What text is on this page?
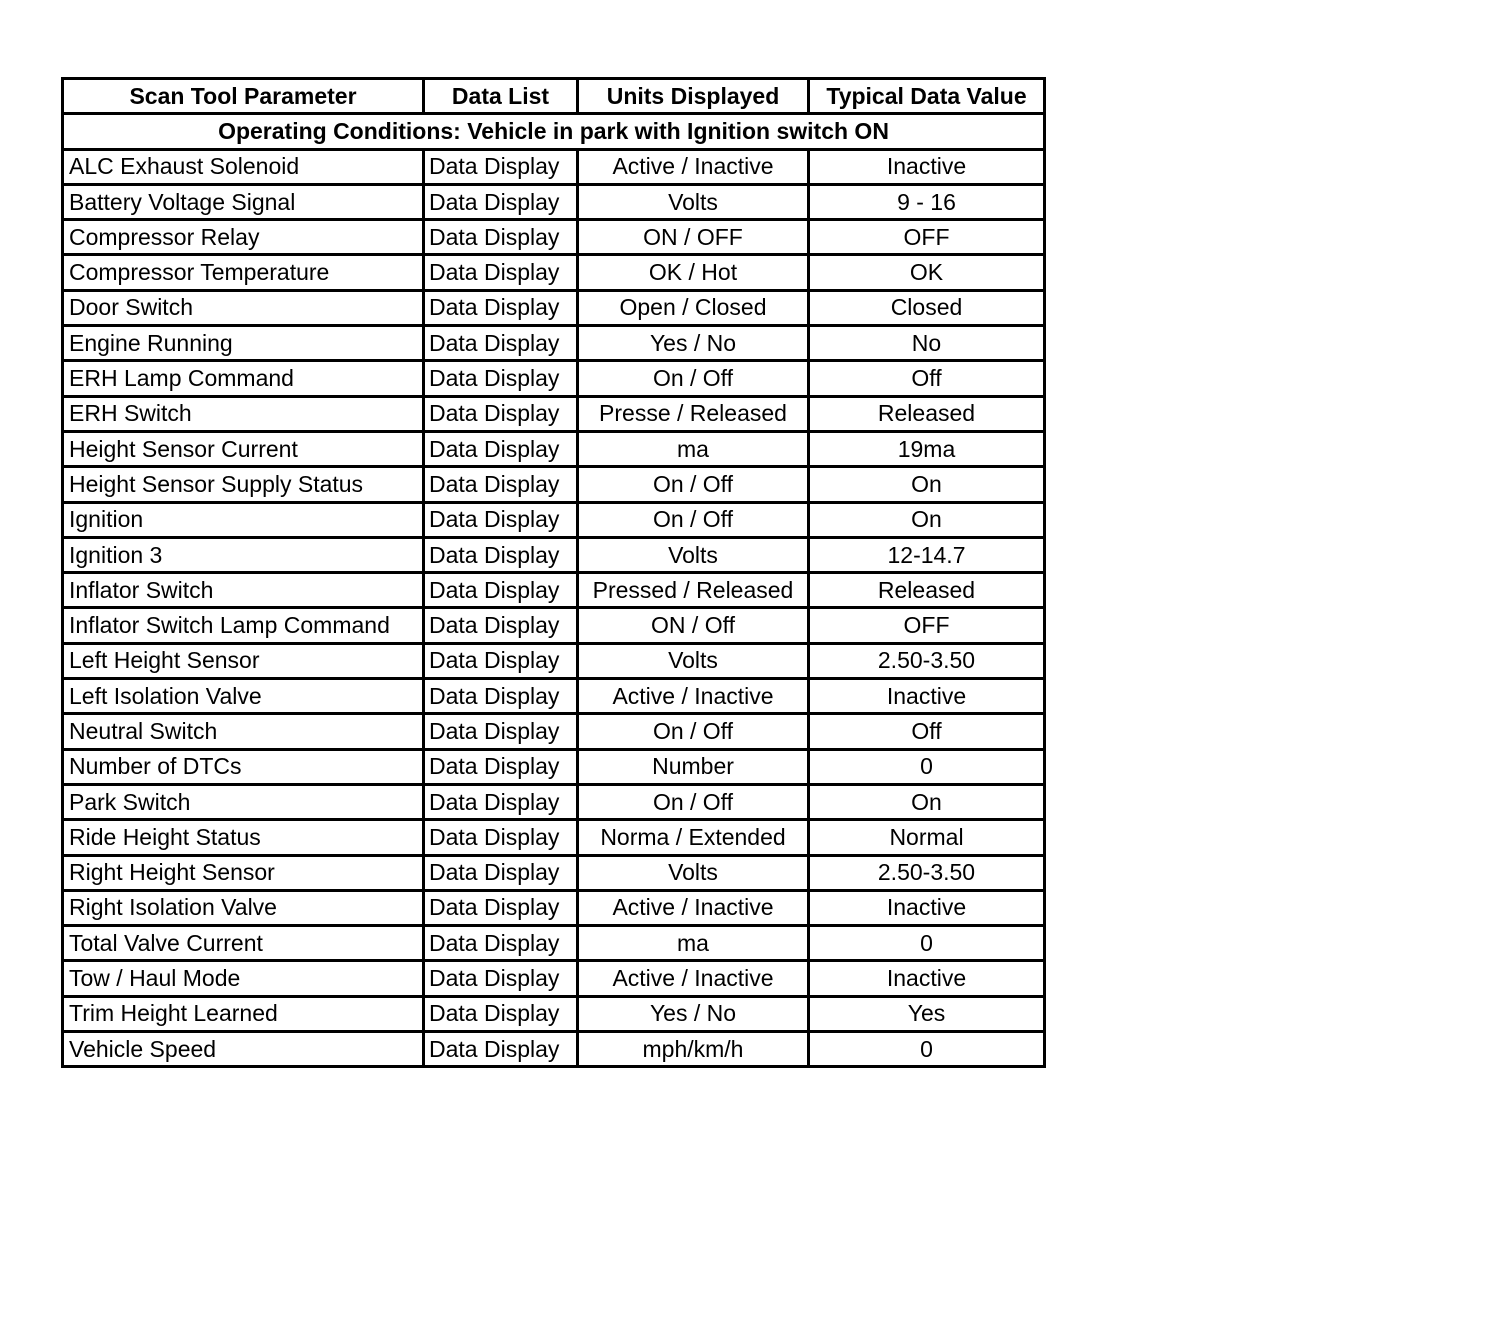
Scan Tool Parameter	Data List	Units Displayed	Typical Data Value
Operating Conditions: Vehicle in park with Ignition switch ON			
ALC Exhaust Solenoid	Data Display	Active / Inactive	Inactive
Battery Voltage Signal	Data Display	Volts	9 - 16
Compressor Relay	Data Display	ON / OFF	OFF
Compressor Temperature	Data Display	OK / Hot	OK
Door Switch	Data Display	Open / Closed	Closed
Engine Running	Data Display	Yes / No	No
ERH Lamp Command	Data Display	On / Off	Off
ERH Switch	Data Display	Presse / Released	Released
Height Sensor Current	Data Display	ma	19ma
Height Sensor Supply Status	Data Display	On / Off	On
Ignition	Data Display	On / Off	On
Ignition 3	Data Display	Volts	12-14.7
Inflator Switch	Data Display	Pressed / Released	Released
Inflator Switch Lamp Command	Data Display	ON / Off	OFF
Left Height Sensor	Data Display	Volts	2.50-3.50
Left Isolation Valve	Data Display	Active / Inactive	Inactive
Neutral Switch	Data Display	On / Off	Off
Number of DTCs	Data Display	Number	0
Park Switch	Data Display	On / Off	On
Ride Height Status	Data Display	Norma / Extended	Normal
Right Height Sensor	Data Display	Volts	2.50-3.50
Right Isolation Valve	Data Display	Active / Inactive	Inactive
Total Valve Current	Data Display	ma	0
Tow / Haul Mode	Data Display	Active / Inactive	Inactive
Trim Height Learned	Data Display	Yes / No	Yes
Vehicle Speed	Data Display	mph/km/h	0
